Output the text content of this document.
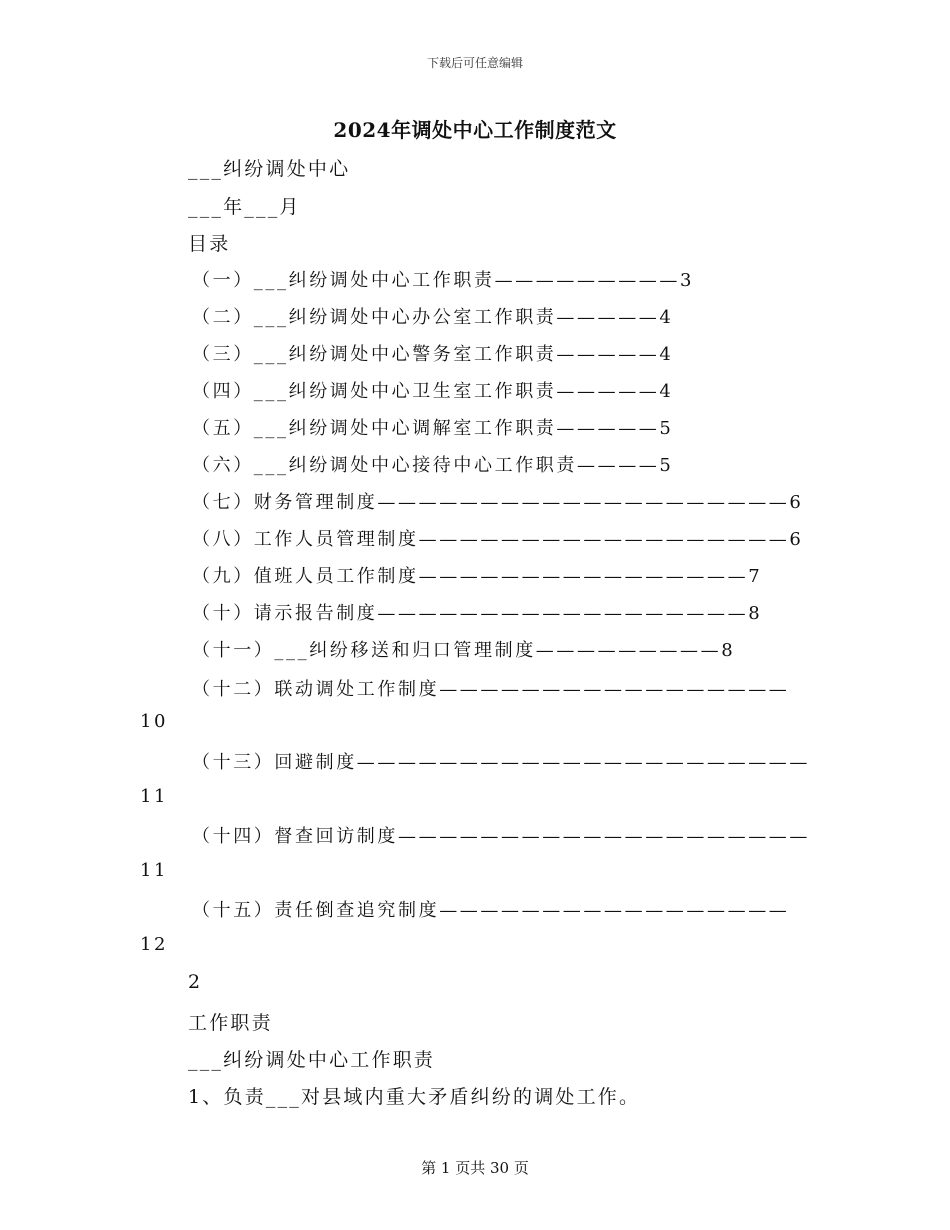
下载后可任意编辑
2024年调处中心工作制度范文
___纠纷调处中心
___年___月
目录
（一）___纠纷调处中心工作职责—————————3
（二）___纠纷调处中心办公室工作职责—————4
（三）___纠纷调处中心警务室工作职责—————4
（四）___纠纷调处中心卫生室工作职责—————4
（五）___纠纷调处中心调解室工作职责—————5
（六）___纠纷调处中心接待中心工作职责————5
（七）财务管理制度————————————————————6
（八）工作人员管理制度——————————————————6
（九）值班人员工作制度————————————————7
（十）请示报告制度——————————————————8
（十一）___纠纷移送和归口管理制度—————————8
（十二）联动调处工作制度—————————————————
10
（十三）回避制度——————————————————————
11
（十四）督查回访制度————————————————————
11
（十五）责任倒查追究制度—————————————————
12
2
工作职责
___纠纷调处中心工作职责
1、负责___对县域内重大矛盾纠纷的调处工作。
第 1 页共 30 页
